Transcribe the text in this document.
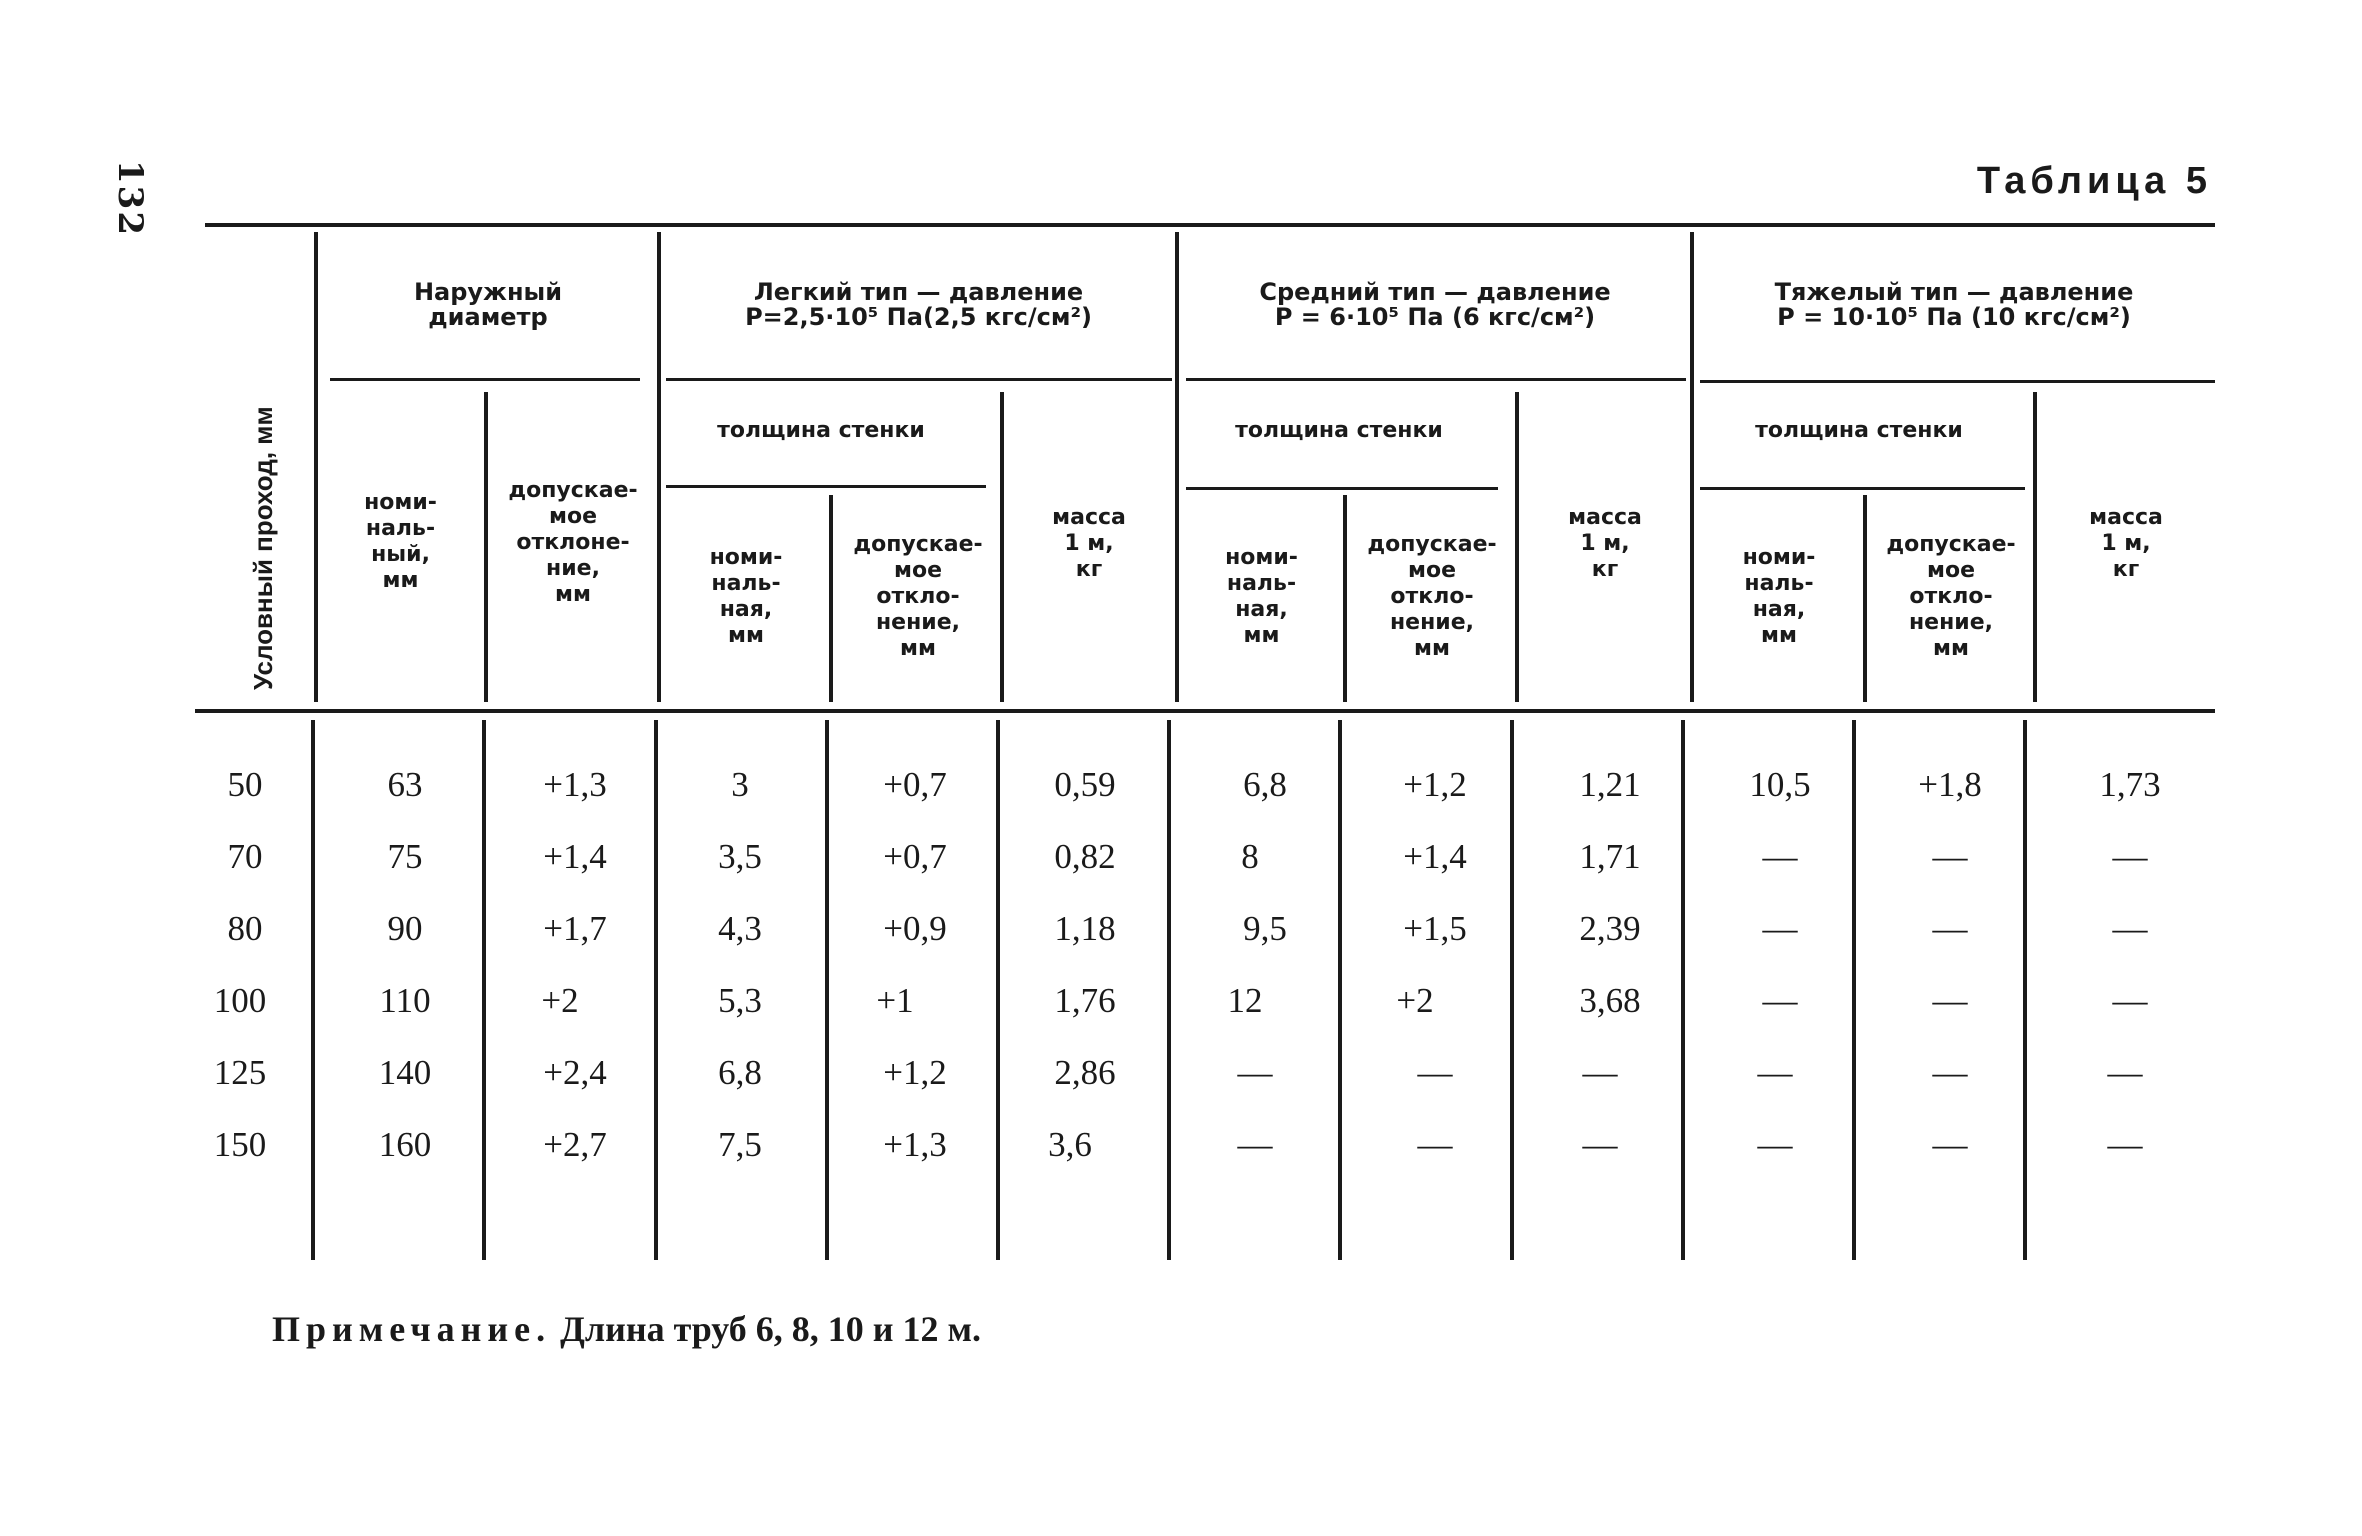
132	Таблица 5
Условный проход, мм
Наружный
диаметр
номи-
наль-
ный,
мм
допускае-
мое
отклоне-
ние,
мм
Легкий тип — давление
P=2,5·10⁵ Па(2,5 кгс/см²)
толщина стенки
номи-
наль-
ная,
мм
допускае-
мое
откло-
нение,
мм
масса
1 м,
кг
Средний тип — давление
P = 6·10⁵ Па (6 кгс/см²)
толщина стенки
номи-
наль-
ная,
мм
допускае-
мое
откло-
нение,
мм
масса
1 м,
кг
Тяжелый тип — давление
P = 10·10⁵ Па (10 кгс/см²)
толщина стенки
номи-
наль-
ная,
мм
допускае-
мое
откло-
нение,
мм
масса
1 м,
кг
50	63	+1,3	3	+0,7	0,59	6,8	+1,2	1,21	10,5	+1,8	1,73
70	75	+1,4	3,5	+0,7	0,82	8	+1,4	1,71	—	—	—
80	90	+1,7	4,3	+0,9	1,18	9,5	+1,5	2,39	—	—	—
100	110	+2	5,3	+1	1,76	12	+2	3,68	—	—	—
125	140	+2,4	6,8	+1,2	2,86	—	—	—	—	—	—
150	160	+2,7	7,5	+1,3	3,6	—	—	—	—	—	—
Примечание. Длина труб 6, 8, 10 и 12 м.
